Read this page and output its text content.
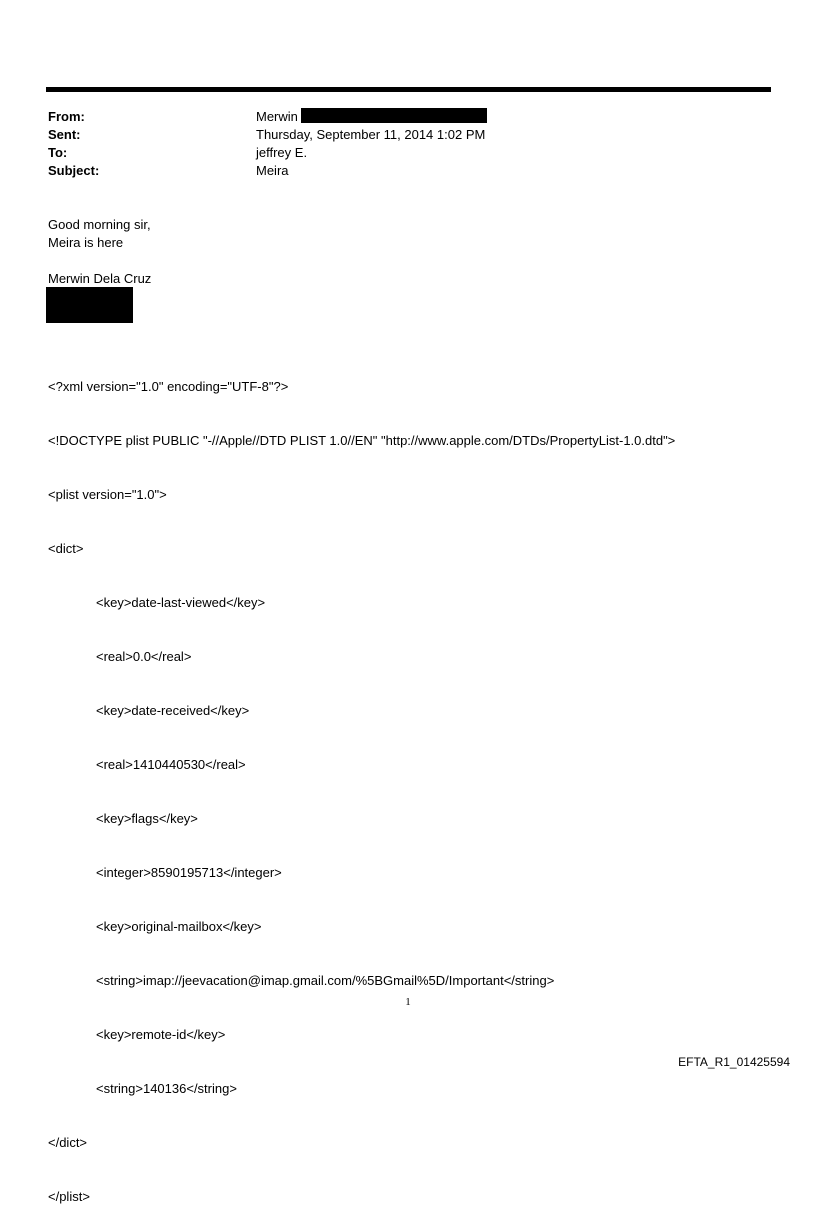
From:	Merwin
Sent:	Thursday, September 11, 2014 1:02 PM
To:	jeffrey E.
Subject:	Meira
Good morning sir,
Meira is here
Merwin Dela Cruz

<?xml version="1.0" encoding="UTF-8"?>

<!DOCTYPE plist PUBLIC "-//Apple//DTD PLIST 1.0//EN" "http://www.apple.com/DTDs/PropertyList-1.0.dtd">

<plist version="1.0">

<dict>

<key>date-last-viewed</key>

<real>0.0</real>

<key>date-received</key>

<real>1410440530</real>

<key>flags</key>

<integer>8590195713</integer>

<key>original-mailbox</key>

<string>imap://jeevacation@imap.gmail.com/%5BGmail%5D/Important</string>

<key>remote-id</key>

<string>140136</string>

</dict>

</plist>

1
EFTA_R1_01425594
